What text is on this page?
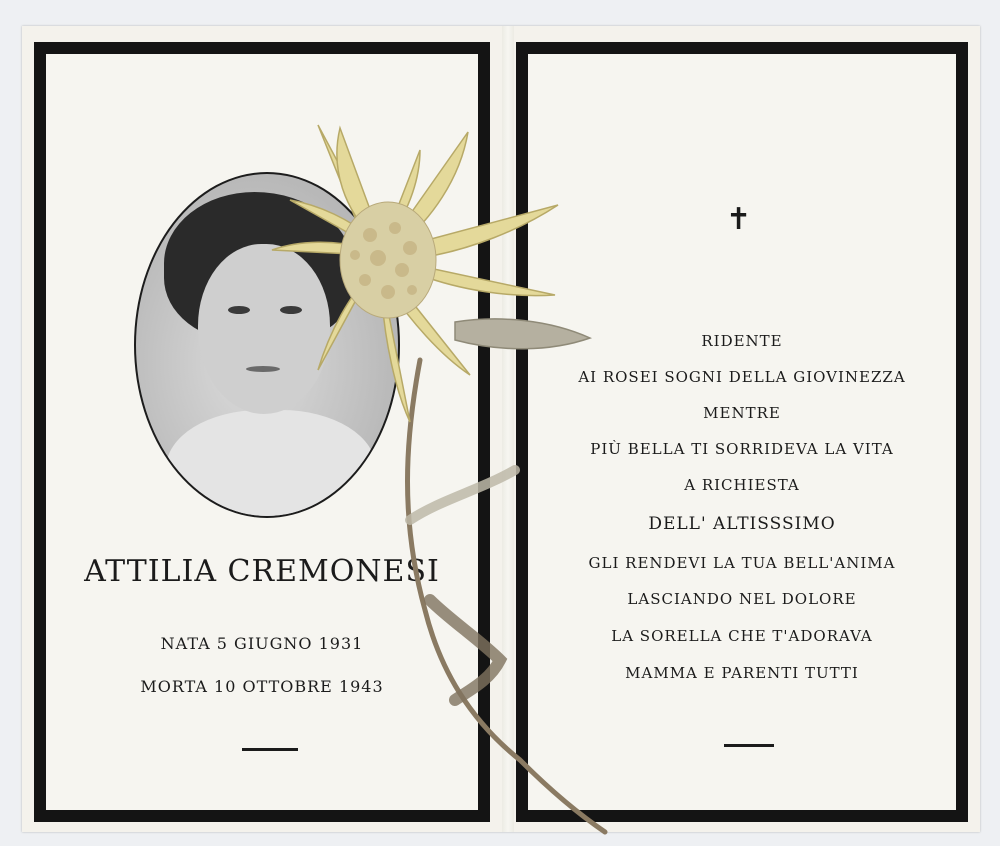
ATTILIA CREMONESI
NATA 5 GIUGNO 1931
MORTA 10 OTTOBRE 1943
✝
RIDENTE
AI ROSEI SOGNI DELLA GIOVINEZZA
MENTRE
PIÙ BELLA TI SORRIDEVA LA VITA
A RICHIESTA
DELL' ALTISSSIMO
GLI RENDEVI LA TUA BELL'ANIMA
LASCIANDO NEL DOLORE
LA SORELLA CHE T'ADORAVA
MAMMA E PARENTI TUTTI
